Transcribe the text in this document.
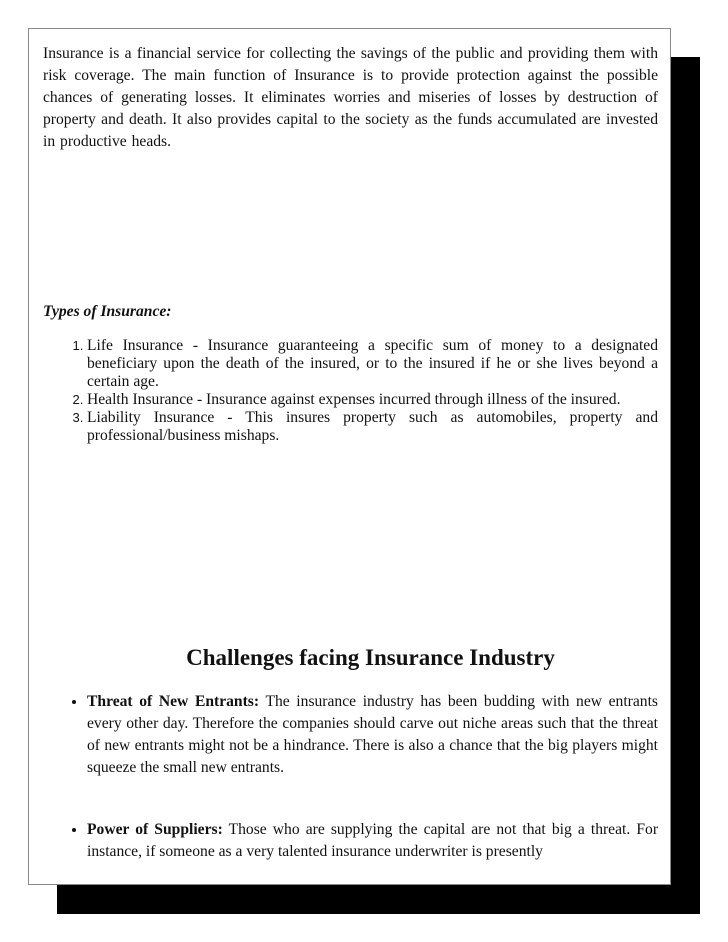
Insurance is a financial service for collecting the savings of the public and providing them with risk coverage. The main function of Insurance is to provide protection against the possible chances of generating losses. It eliminates worries and miseries of losses by destruction of property and death. It also provides capital to the society as the funds accumulated are invested in productive heads.

Types of Insurance:
1. Life Insurance - Insurance guaranteeing a specific sum of money to a designated beneficiary upon the death of the insured, or to the insured if he or she lives beyond a certain age.
2. Health Insurance - Insurance against expenses incurred through illness of the insured.
3. Liability Insurance - This insures property such as automobiles, property and professional/business mishaps.
Challenges facing Insurance Industry
• Threat of New Entrants: The insurance industry has been budding with new entrants every other day. Therefore the companies should carve out niche areas such that the threat of new entrants might not be a hindrance. There is also a chance that the big players might squeeze the small new entrants.
• Power of Suppliers: Those who are supplying the capital are not that big a threat. For instance, if someone as a very talented insurance underwriter is presently
